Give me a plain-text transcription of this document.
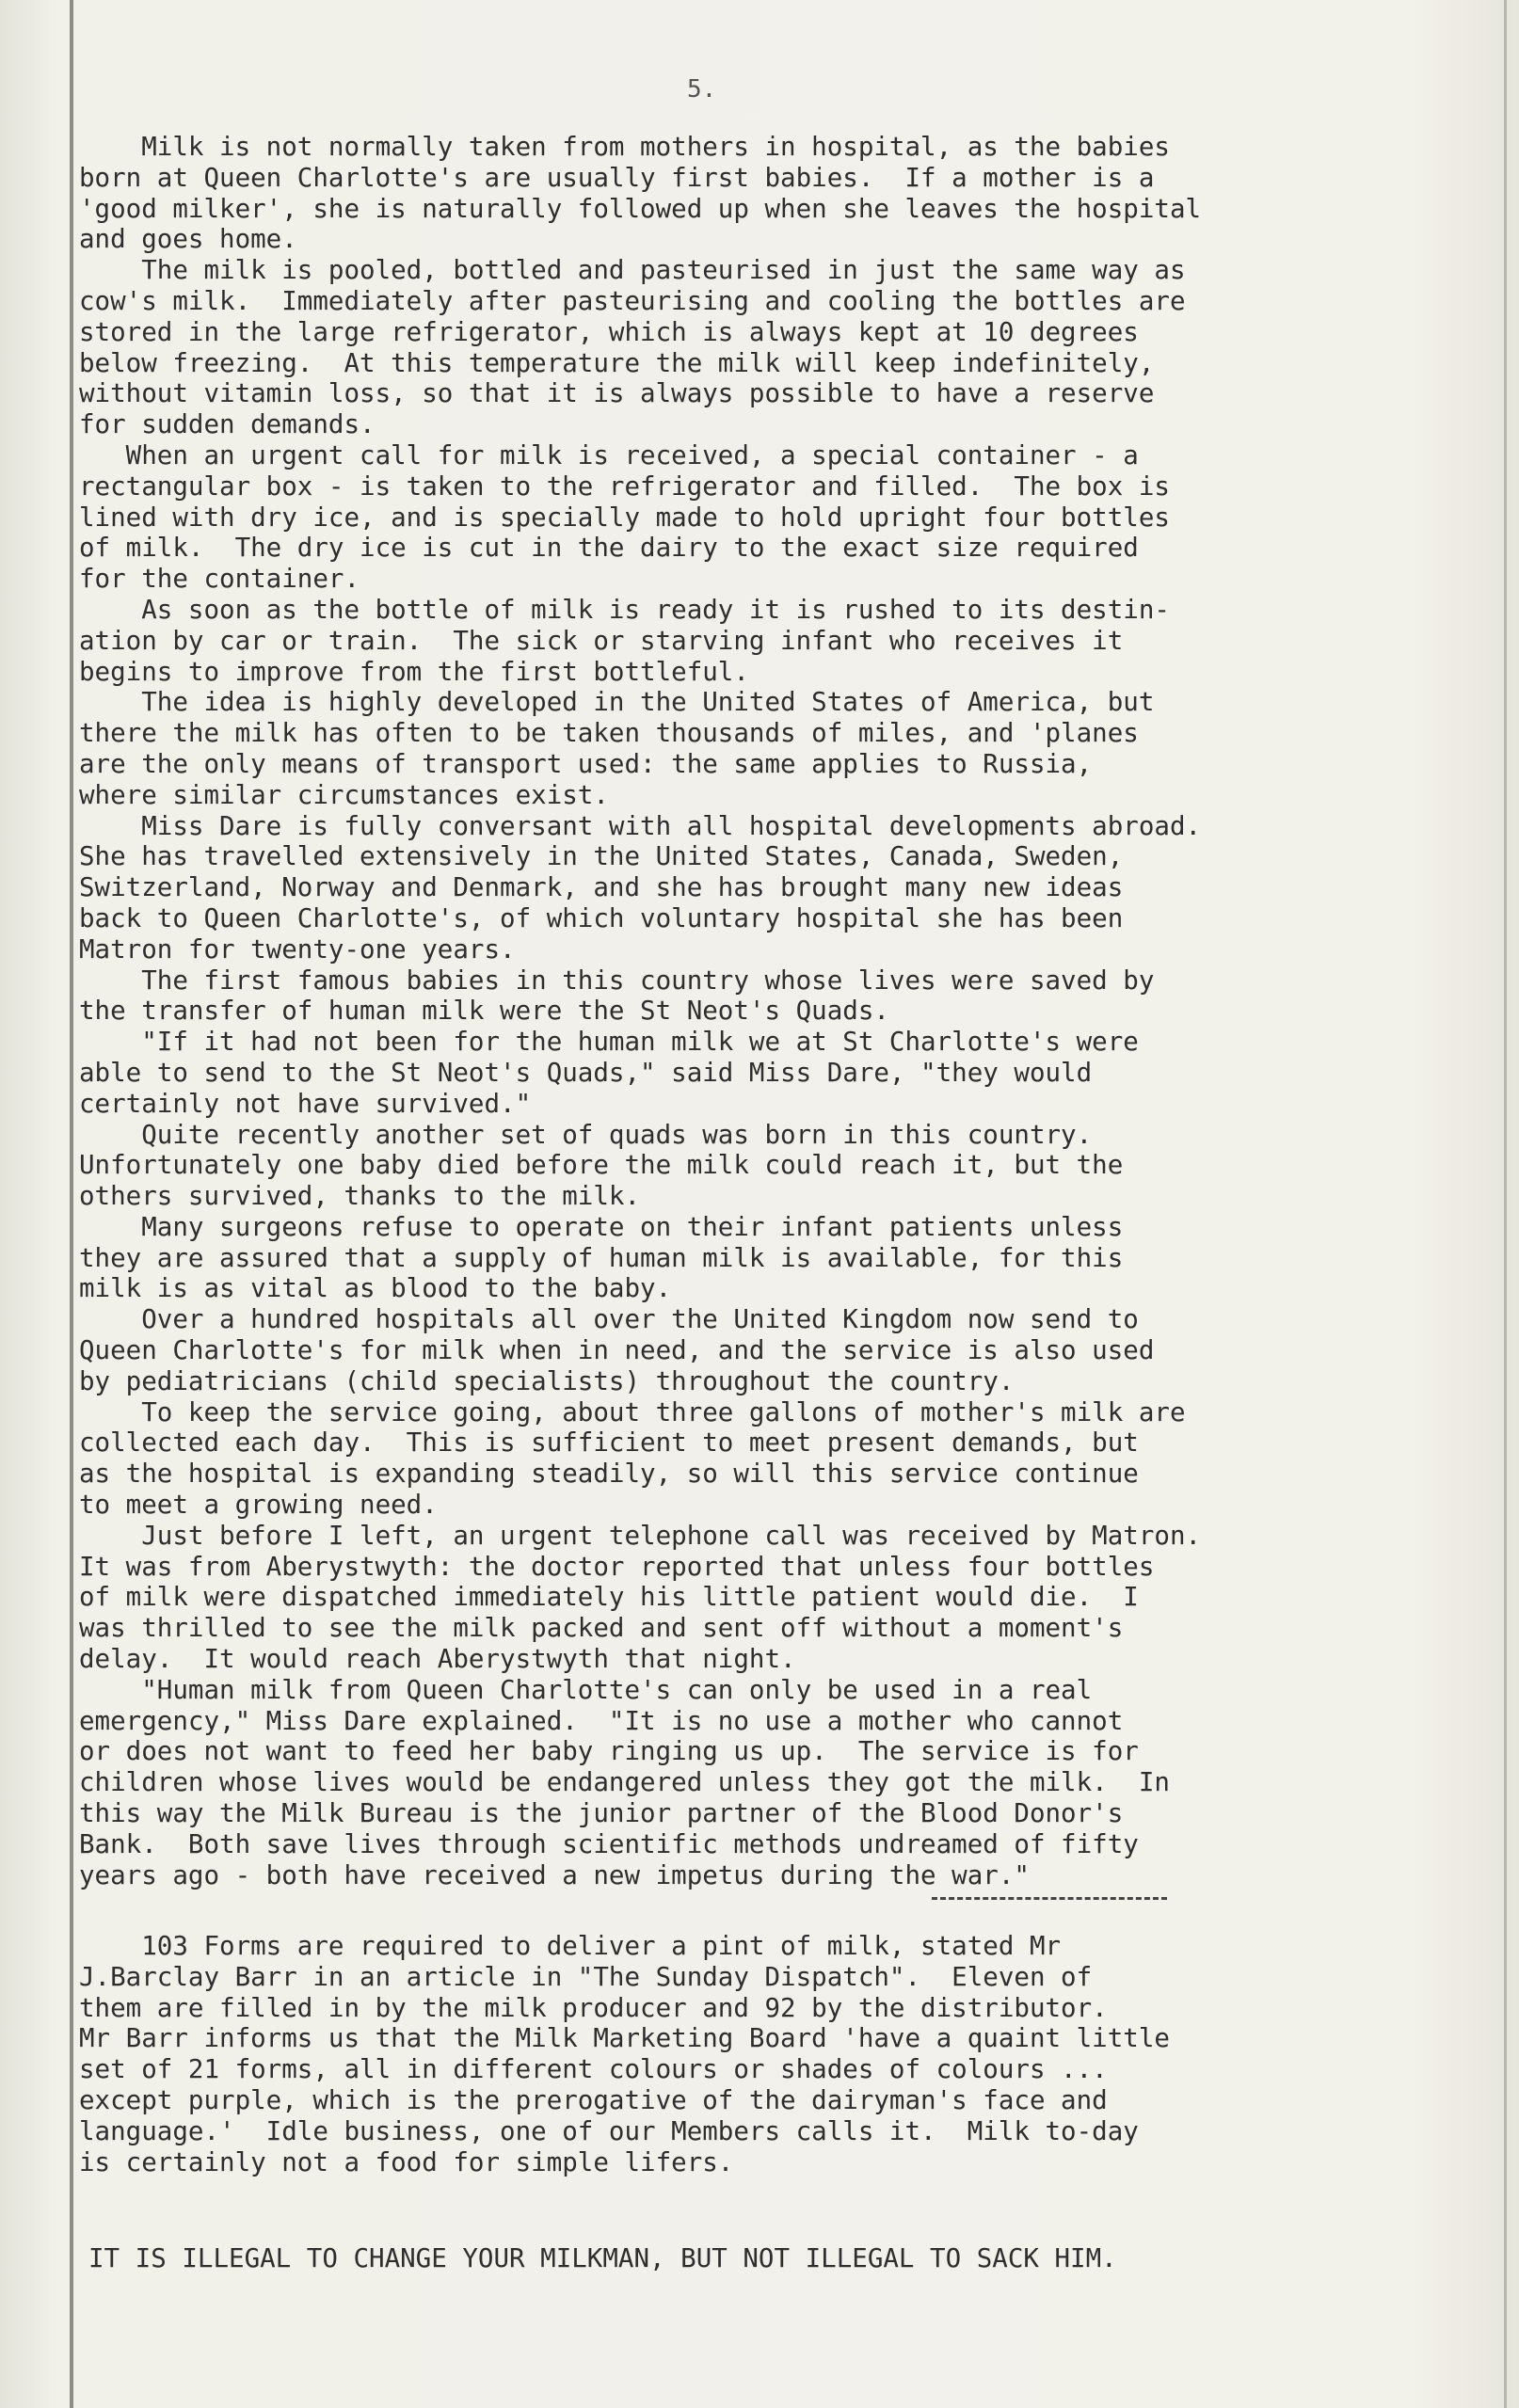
5.
Milk is not normally taken from mothers in hospital, as the babies
born at Queen Charlotte's are usually first babies.  If a mother is a
'good milker', she is naturally followed up when she leaves the hospital
and goes home.
The milk is pooled, bottled and pasteurised in just the same way as
cow's milk.  Immediately after pasteurising and cooling the bottles are
stored in the large refrigerator, which is always kept at 10 degrees
below freezing.  At this temperature the milk will keep indefinitely,
without vitamin loss, so that it is always possible to have a reserve
for sudden demands.
When an urgent call for milk is received, a special container - a
rectangular box - is taken to the refrigerator and filled.  The box is
lined with dry ice, and is specially made to hold upright four bottles
of milk.  The dry ice is cut in the dairy to the exact size required
for the container.
As soon as the bottle of milk is ready it is rushed to its destin-
ation by car or train.  The sick or starving infant who receives it
begins to improve from the first bottleful.
The idea is highly developed in the United States of America, but
there the milk has often to be taken thousands of miles, and 'planes
are the only means of transport used: the same applies to Russia,
where similar circumstances exist.
Miss Dare is fully conversant with all hospital developments abroad.
She has travelled extensively in the United States, Canada, Sweden,
Switzerland, Norway and Denmark, and she has brought many new ideas
back to Queen Charlotte's, of which voluntary hospital she has been
Matron for twenty-one years.
The first famous babies in this country whose lives were saved by
the transfer of human milk were the St Neot's Quads.
"If it had not been for the human milk we at St Charlotte's were
able to send to the St Neot's Quads," said Miss Dare, "they would
certainly not have survived."
Quite recently another set of quads was born in this country.
Unfortunately one baby died before the milk could reach it, but the
others survived, thanks to the milk.
Many surgeons refuse to operate on their infant patients unless
they are assured that a supply of human milk is available, for this
milk is as vital as blood to the baby.
Over a hundred hospitals all over the United Kingdom now send to
Queen Charlotte's for milk when in need, and the service is also used
by pediatricians (child specialists) throughout the country.
To keep the service going, about three gallons of mother's milk are
collected each day.  This is sufficient to meet present demands, but
as the hospital is expanding steadily, so will this service continue
to meet a growing need.
Just before I left, an urgent telephone call was received by Matron.
It was from Aberystwyth: the doctor reported that unless four bottles
of milk were dispatched immediately his little patient would die.  I
was thrilled to see the milk packed and sent off without a moment's
delay.  It would reach Aberystwyth that night.
"Human milk from Queen Charlotte's can only be used in a real
emergency," Miss Dare explained.  "It is no use a mother who cannot
or does not want to feed her baby ringing us up.  The service is for
children whose lives would be endangered unless they got the milk.  In
this way the Milk Bureau is the junior partner of the Blood Donor's
Bank.  Both save lives through scientific methods undreamed of fifty
years ago - both have received a new impetus during the war."
103 Forms are required to deliver a pint of milk, stated Mr
J.Barclay Barr in an article in "The Sunday Dispatch".  Eleven of
them are filled in by the milk producer and 92 by the distributor.
Mr Barr informs us that the Milk Marketing Board 'have a quaint little
set of 21 forms, all in different colours or shades of colours ...
except purple, which is the prerogative of the dairyman's face and
language.'  Idle business, one of our Members calls it.  Milk to-day
is certainly not a food for simple lifers.
IT IS ILLEGAL TO CHANGE YOUR MILKMAN, BUT NOT ILLEGAL TO SACK HIM.
